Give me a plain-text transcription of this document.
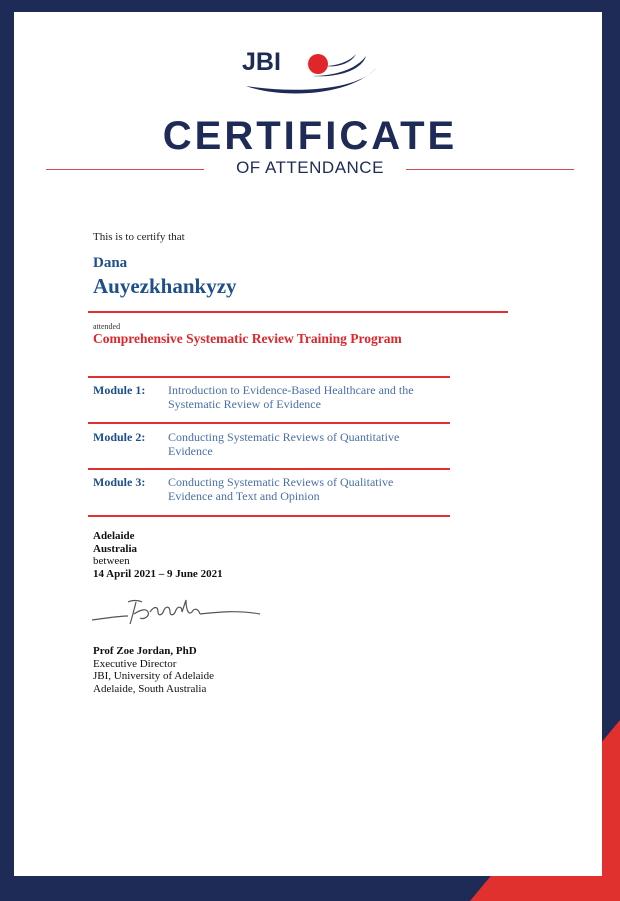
JBI
CERTIFICATE
OF ATTENDANCE
This is to certify that
Dana
Auyezkhankyzy
attended
Comprehensive Systematic Review Training Program
Module 1: Introduction to Evidence-Based Healthcare and the
Systematic Review of Evidence
Module 2: Conducting Systematic Reviews of Quantitative
Evidence
Module 3: Conducting Systematic Reviews of Qualitative
Evidence and Text and Opinion
Adelaide
Australia
between
14 April 2021 – 9 June 2021
Prof Zoe Jordan, PhD
Executive Director
JBI, University of Adelaide
Adelaide, South Australia
